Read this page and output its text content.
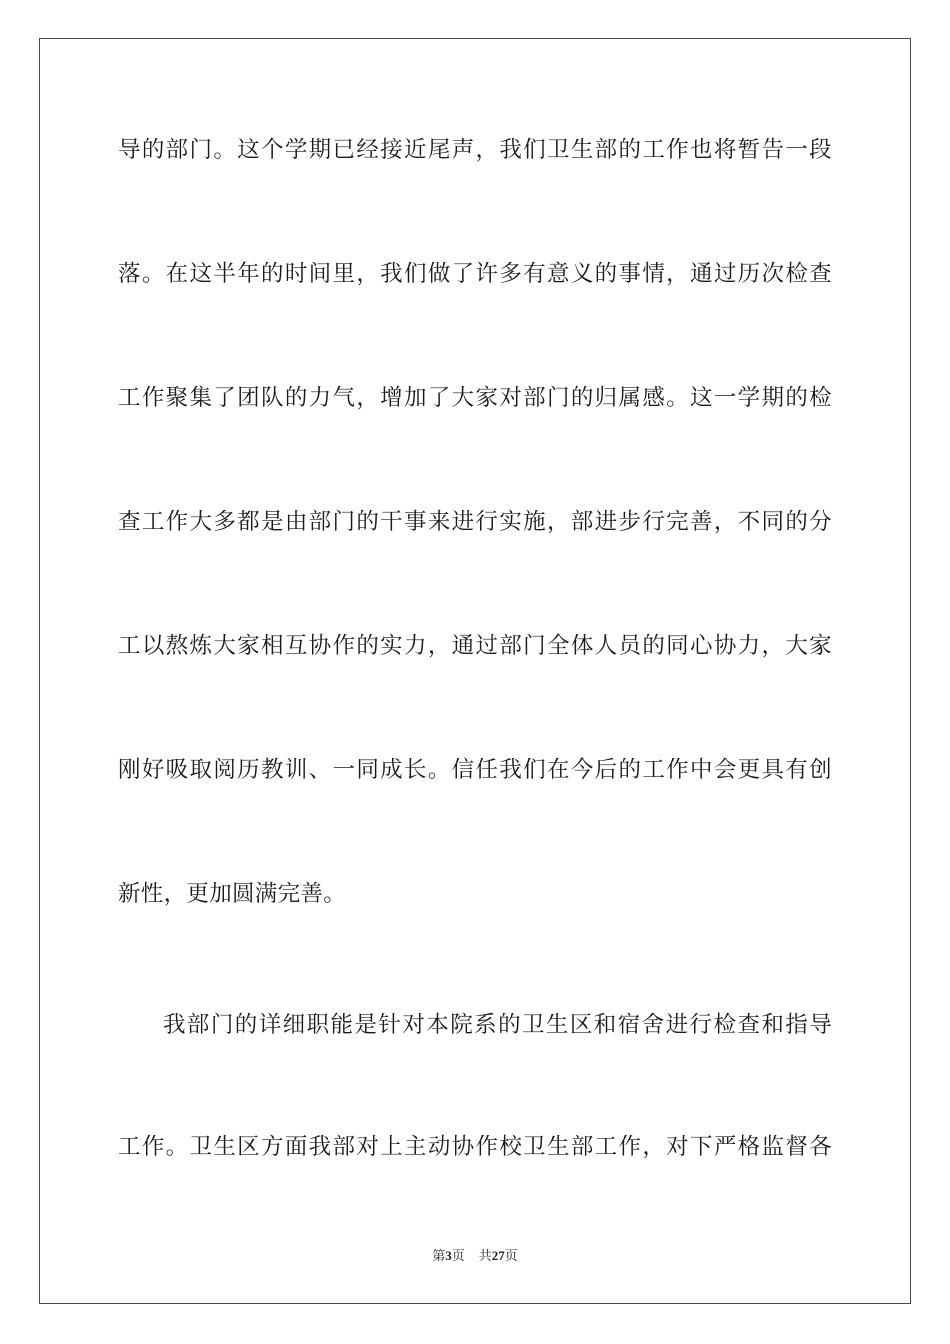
导的部门。这个学期已经接近尾声，我们卫生部的工作也将暂告一段
落。在这半年的时间里，我们做了许多有意义的事情，通过历次检查
工作聚集了团队的力气，增加了大家对部门的归属感。这一学期的检
查工作大多都是由部门的干事来进行实施，部进步行完善，不同的分
工以熬炼大家相互协作的实力，通过部门全体人员的同心协力，大家
刚好吸取阅历教训、一同成长。信任我们在今后的工作中会更具有创
新性，更加圆满完善。
我部门的详细职能是针对本院系的卫生区和宿舍进行检查和指导
工作。卫生区方面我部对上主动协作校卫生部工作，对下严格监督各
第3页 共27页
